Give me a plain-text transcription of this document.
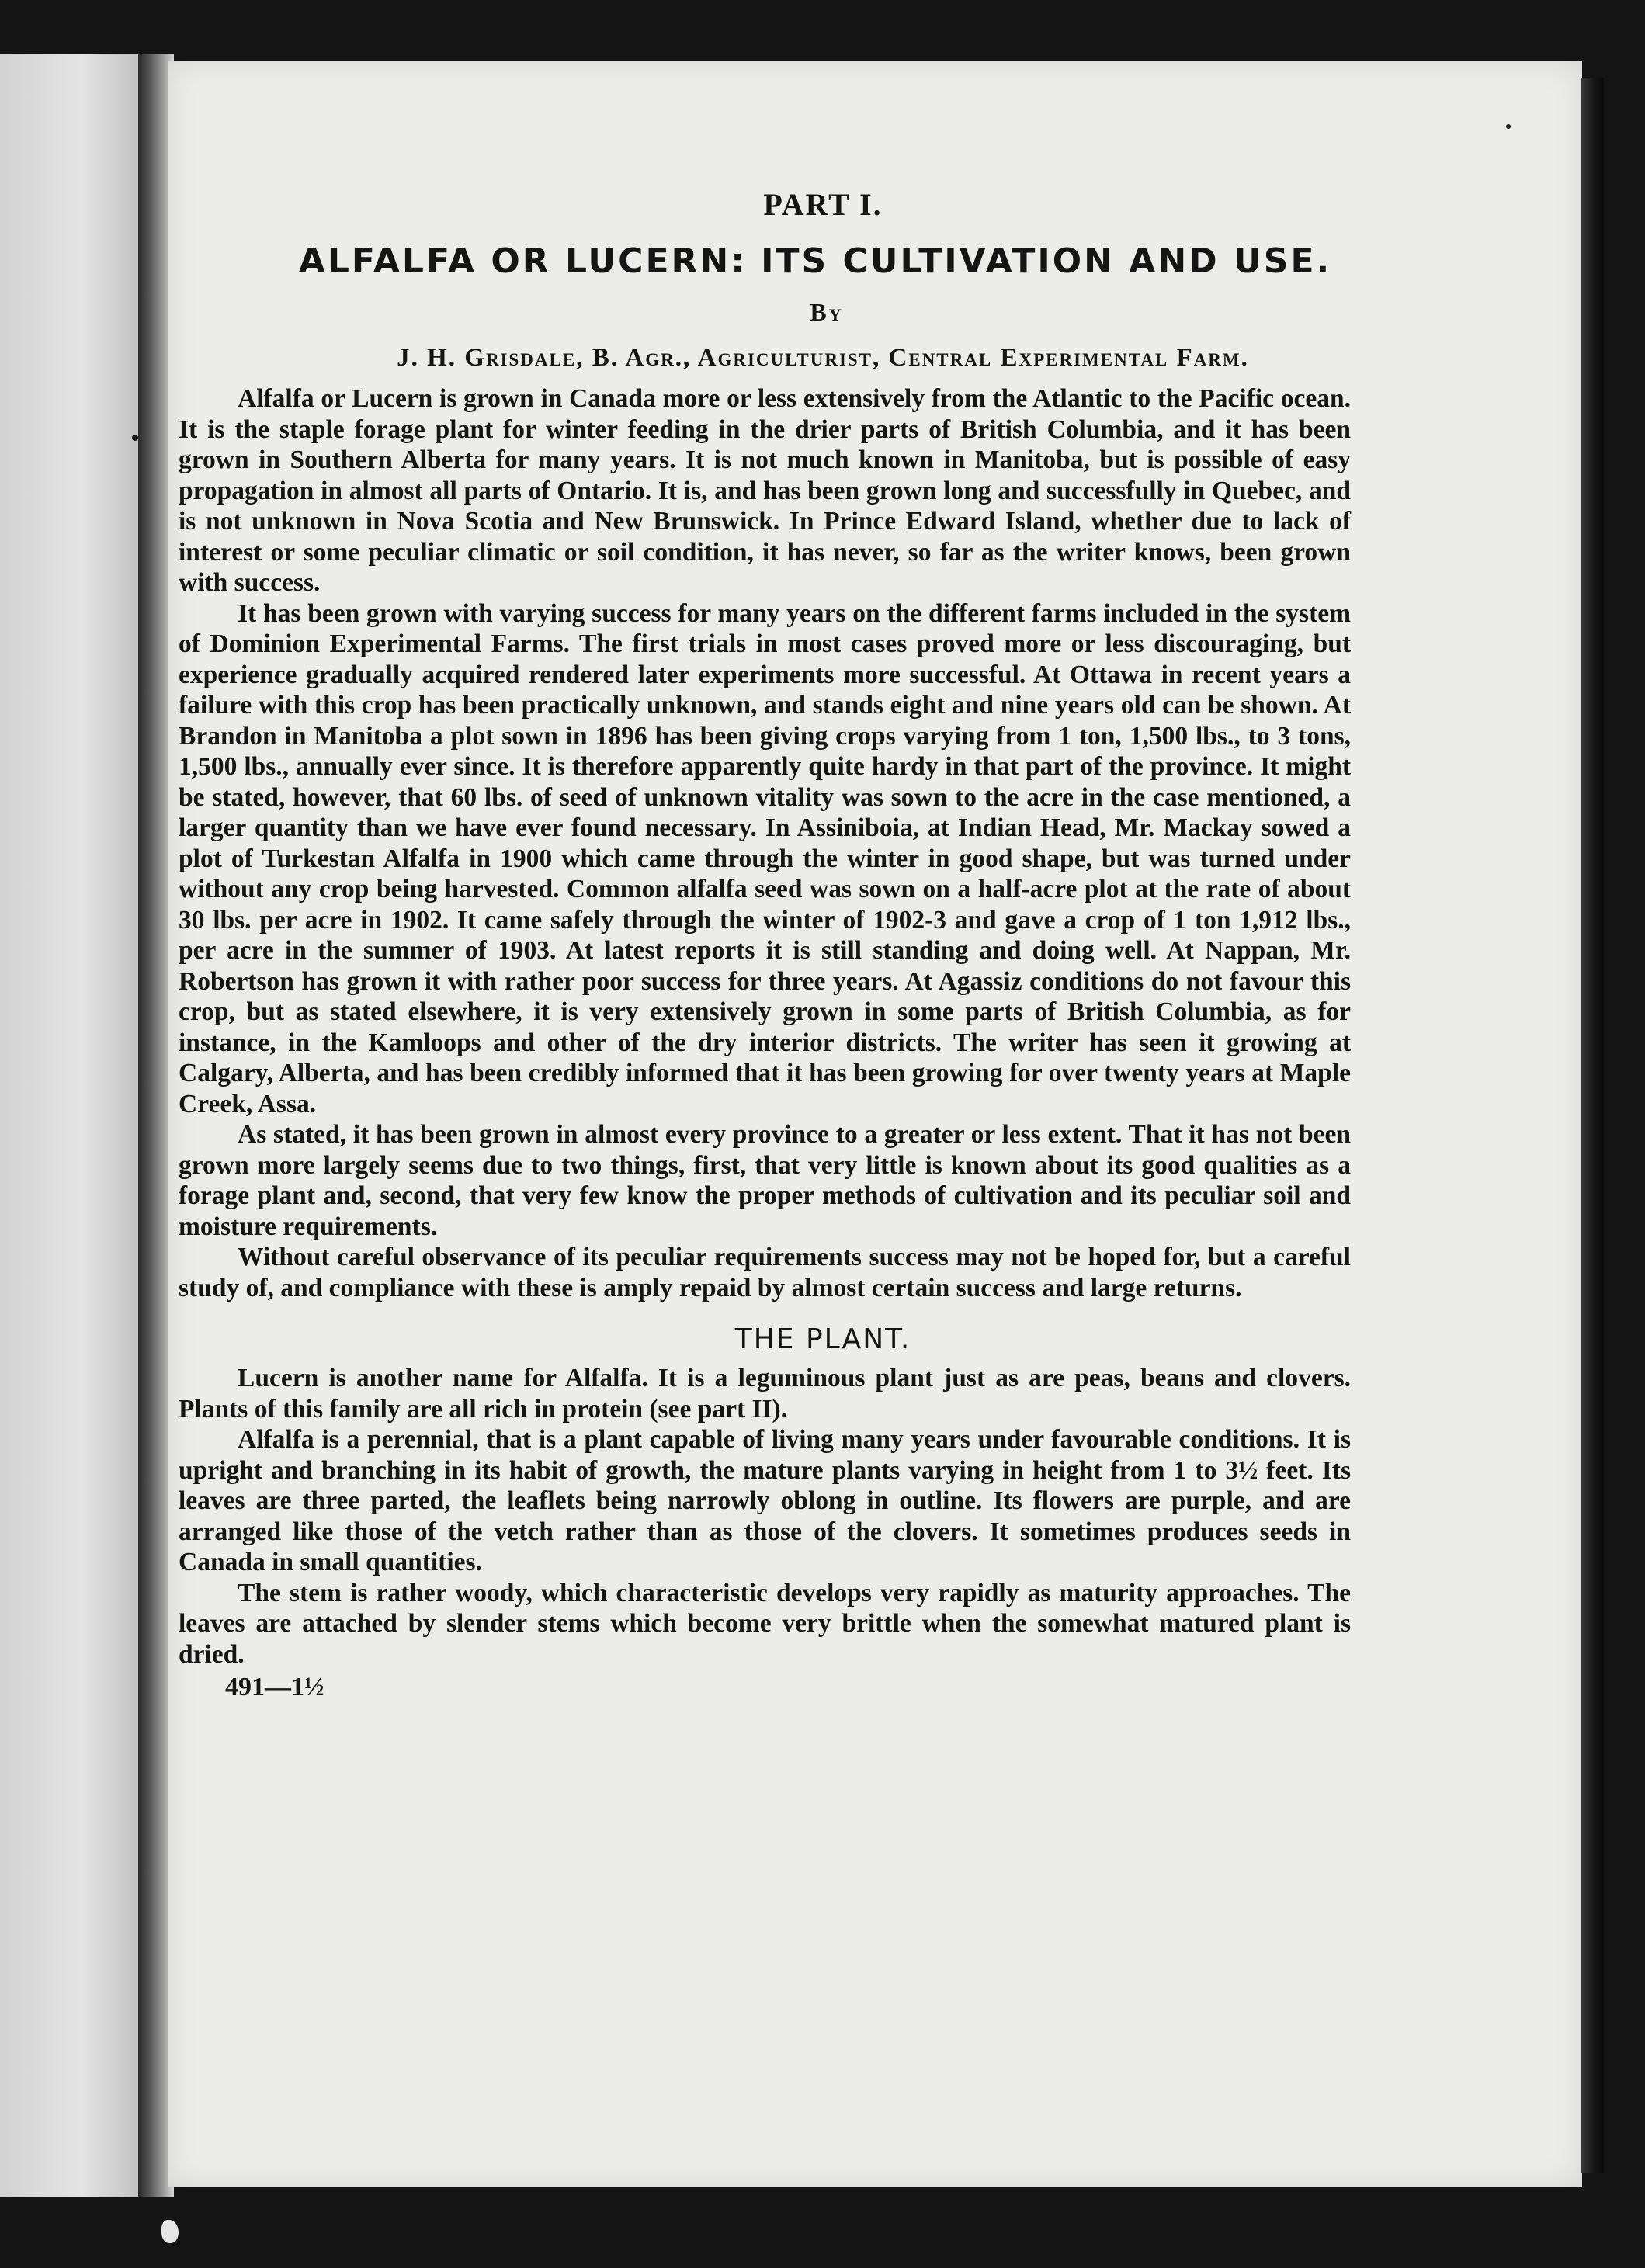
PART I.
ALFALFA OR LUCERN: ITS CULTIVATION AND USE.
By
J. H. Grisdale, B. Agr., Agriculturist, Central Experimental Farm.

Alfalfa or Lucern is grown in Canada more or less extensively from the Atlantic to the Pacific ocean. It is the staple forage plant for winter feeding in the drier parts of British Columbia, and it has been grown in Southern Alberta for many years. It is not much known in Manitoba, but is possible of easy propagation in almost all parts of Ontario. It is, and has been grown long and successfully in Quebec, and is not unknown in Nova Scotia and New Brunswick. In Prince Edward Island, whether due to lack of interest or some peculiar climatic or soil condition, it has never, so far as the writer knows, been grown with success.

It has been grown with varying success for many years on the different farms included in the system of Dominion Experimental Farms. The first trials in most cases proved more or less discouraging, but experience gradually acquired rendered later experiments more successful. At Ottawa in recent years a failure with this crop has been practically unknown, and stands eight and nine years old can be shown. At Brandon in Manitoba a plot sown in 1896 has been giving crops varying from 1 ton, 1,500 lbs., to 3 tons, 1,500 lbs., annually ever since. It is therefore apparently quite hardy in that part of the province. It might be stated, however, that 60 lbs. of seed of unknown vitality was sown to the acre in the case mentioned, a larger quantity than we have ever found necessary. In Assiniboia, at Indian Head, Mr. Mackay sowed a plot of Turkestan Alfalfa in 1900 which came through the winter in good shape, but was turned under without any crop being harvested. Common alfalfa seed was sown on a half-acre plot at the rate of about 30 lbs. per acre in 1902. It came safely through the winter of 1902-3 and gave a crop of 1 ton 1,912 lbs., per acre in the summer of 1903. At latest reports it is still standing and doing well. At Nappan, Mr. Robertson has grown it with rather poor success for three years. At Agassiz conditions do not favour this crop, but as stated elsewhere, it is very extensively grown in some parts of British Columbia, as for instance, in the Kamloops and other of the dry interior districts. The writer has seen it growing at Calgary, Alberta, and has been credibly informed that it has been growing for over twenty years at Maple Creek, Assa.

As stated, it has been grown in almost every province to a greater or less extent. That it has not been grown more largely seems due to two things, first, that very little is known about its good qualities as a forage plant and, second, that very few know the proper methods of cultivation and its peculiar soil and moisture requirements.

Without careful observance of its peculiar requirements success may not be hoped for, but a careful study of, and compliance with these is amply repaid by almost certain success and large returns.

THE PLANT.

Lucern is another name for Alfalfa. It is a leguminous plant just as are peas, beans and clovers. Plants of this family are all rich in protein (see part II).

Alfalfa is a perennial, that is a plant capable of living many years under favourable conditions. It is upright and branching in its habit of growth, the mature plants varying in height from 1 to 3½ feet. Its leaves are three parted, the leaflets being narrowly oblong in outline. Its flowers are purple, and are arranged like those of the vetch rather than as those of the clovers. It sometimes produces seeds in Canada in small quantities.

The stem is rather woody, which characteristic develops very rapidly as maturity approaches. The leaves are attached by slender stems which become very brittle when the somewhat matured plant is dried.

491—1½
